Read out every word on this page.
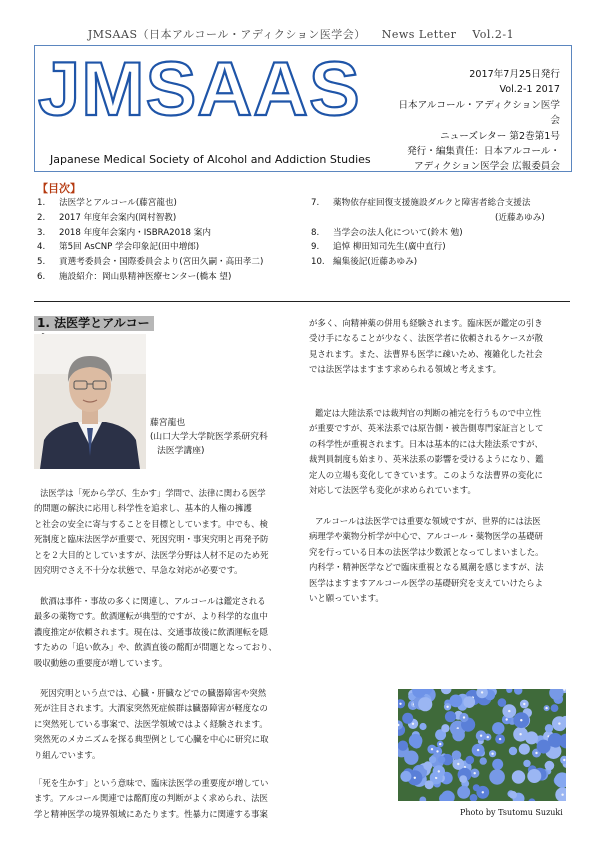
JMSAAS（日本アルコール・アディクション医学会） News Letter Vol.2-1
JMSAAS
Japanese Medical Society of Alcohol and Addiction Studies
2017年7月25日発行
Vol.2-1 2017
日本アルコール・アディクション医学会
ニューズレター 第2巻第1号
発行・編集責任：日本アルコール・
アディクション医学会 広報委員会
【目次】
1. 法医学とアルコール(藤宮龍也)
2. 2017 年度年会案内(岡村智教)
3. 2018 年度年会案内・ISBRA2018 案内
4. 第5回 AsCNP 学会印象記(田中増郎)
5. 貢選考委員会・国際委員会より(宮田久嗣・高田孝二)
6. 施設紹介：岡山県精神医療センター(橋本 望)
7. 薬物依存症回復支援施設ダルクと障害者総合支援法
(近藤あゆみ)
8. 当学会の法人化について(鈴木 勉)
9. 追悼 柳田知司先生(廣中直行)
10. 編集後記(近藤あゆみ)
1. 法医学とアルコー
藤宮龍也
(山口大学大学院医学系研究科
法医学講座)
法医学は「死から学び、生かす」学問で、法律に関わる医学
的問題の解決に応用し科学性を追求し、基本的人権の擁護
と社会の安全に寄与することを目標としています。中でも、検
死制度と臨床法医学が重要で、死因究明・事実究明と再発予防
とを２大目的としていますが、法医学分野は人材不足のため死
因究明でさえ不十分な状態で、早急な対応が必要です。
飲酒は事件・事故の多くに関連し、アルコールは鑑定される
最多の薬物です。飲酒運転が典型的ですが、より科学的な血中
濃度推定が依頼されます。現在は、交通事故後に飲酒運転を隠
すための「追い飲み」や、飲酒直後の酩酊が問題となっており、
吸収動態の重要度が増しています。
死因究明という点では、心臓・肝臓などでの臓器障害や突然
死が注目されます。大酒家突然死症候群は臓器障害が軽度なの
に突然死している事案で、法医学領域ではよく経験されます。
突然死のメカニズムを探る典型例として心臓を中心に研究に取
り組んでいます。
「死を生かす」という意味で、臨床法医学の重要度が増してい
ます。アルコール関連では酩酊度の判断がよく求められ、法医
学と精神医学の境界領域にあたります。性暴力に関連する事案
が多く、向精神薬の併用も経験されます。臨床医が鑑定の引き
受け手になることが少なく、法医学者に依頼されるケースが散
見されます。また、法曹界も医学に疎いため、複雑化した社会
では法医学はますます求められる領域と考えます。
鑑定は大陸法系では裁判官の判断の補完を行うもので中立性
が重要ですが、英米法系では原告側・被告側専門家証言として
の科学性が重視されます。日本は基本的には大陸法系ですが、
裁判員制度も始まり、英米法系の影響を受けるようになり、鑑
定人の立場も変化してきています。このような法曹界の変化に
対応して法医学も変化が求められています。
アルコールは法医学では重要な領域ですが、世界的には法医
病理学や薬物分析学が中心で、アルコール・薬物医学の基礎研
究を行っている日本の法医学は少数派となってしまいました。
内科学・精神医学などで臨床重視となる風潮を感じますが、法
医学はますますアルコール医学の基礎研究を支えていけたらよ
いと願っています。
Photo by Tsutomu Suzuki
